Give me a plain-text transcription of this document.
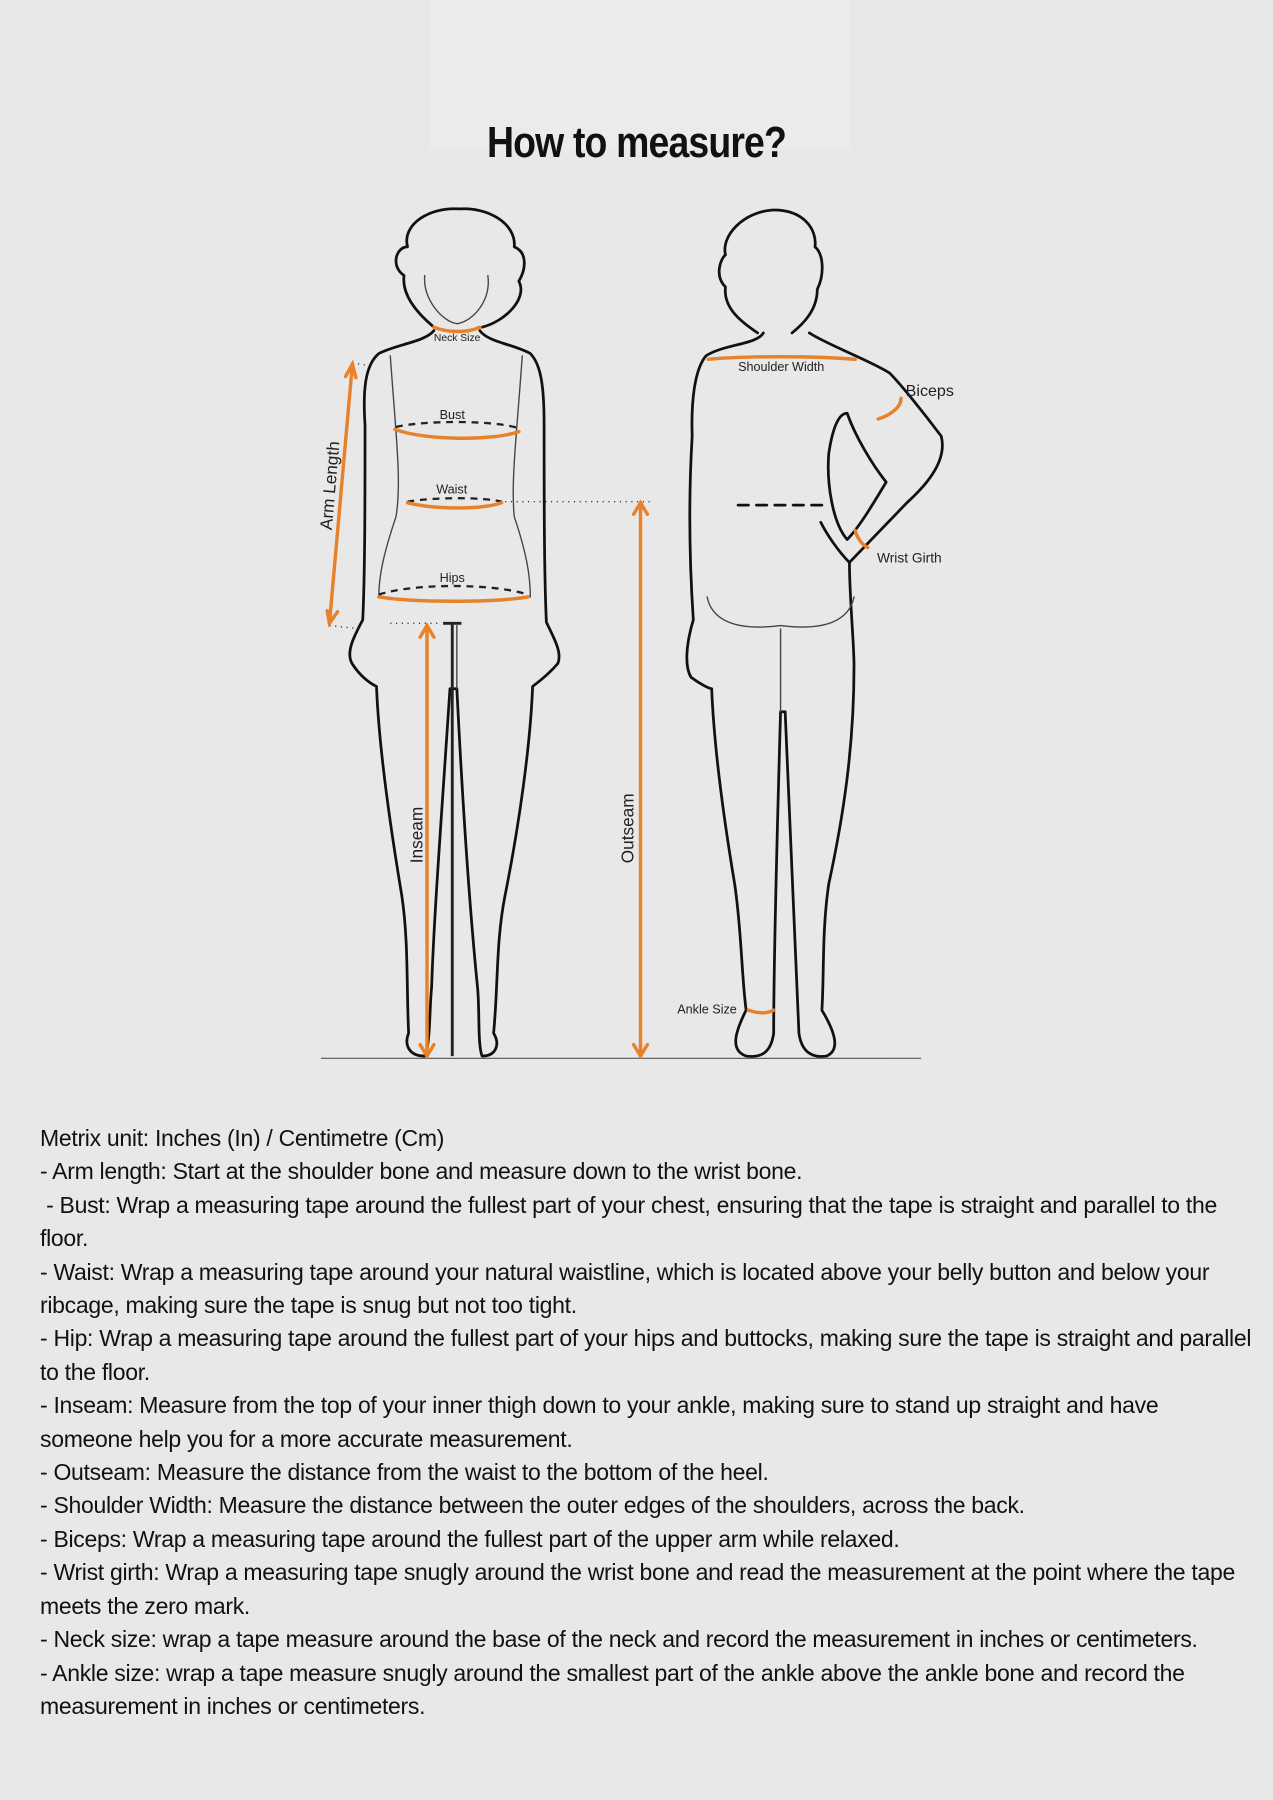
How to measure?
Neck Size
Bust
Waist
Hips
Arm Length
Inseam	Outseam
Shoulder Width
Biceps
Wrist Girth
Ankle Size

Metrix unit: Inches (In) / Centimetre (Cm)

- Arm length: Start at the shoulder bone and measure down to the wrist bone.

- Bust: Wrap a measuring tape around the fullest part of your chest, ensuring that the tape is straight and parallel to the floor.

- Waist: Wrap a measuring tape around your natural waistline, which is located above your belly button and below your ribcage, making sure the tape is snug but not too tight.

- Hip: Wrap a measuring tape around the fullest part of your hips and buttocks, making sure the tape is straight and parallel to the floor.

- Inseam: Measure from the top of your inner thigh down to your ankle, making sure to stand up straight and have someone help you for a more accurate measurement.

- Outseam: Measure the distance from the waist to the bottom of the heel.

- Shoulder Width: Measure the distance between the outer edges of the shoulders, across the back.

- Biceps: Wrap a measuring tape around the fullest part of the upper arm while relaxed.

- Wrist girth: Wrap a measuring tape snugly around the wrist bone and read the measurement at the point where the tape meets the zero mark.

- Neck size: wrap a tape measure around the base of the neck and record the measurement in inches or centimeters.

- Ankle size: wrap a tape measure snugly around the smallest part of the ankle above the ankle bone and record the measurement in inches or centimeters.
